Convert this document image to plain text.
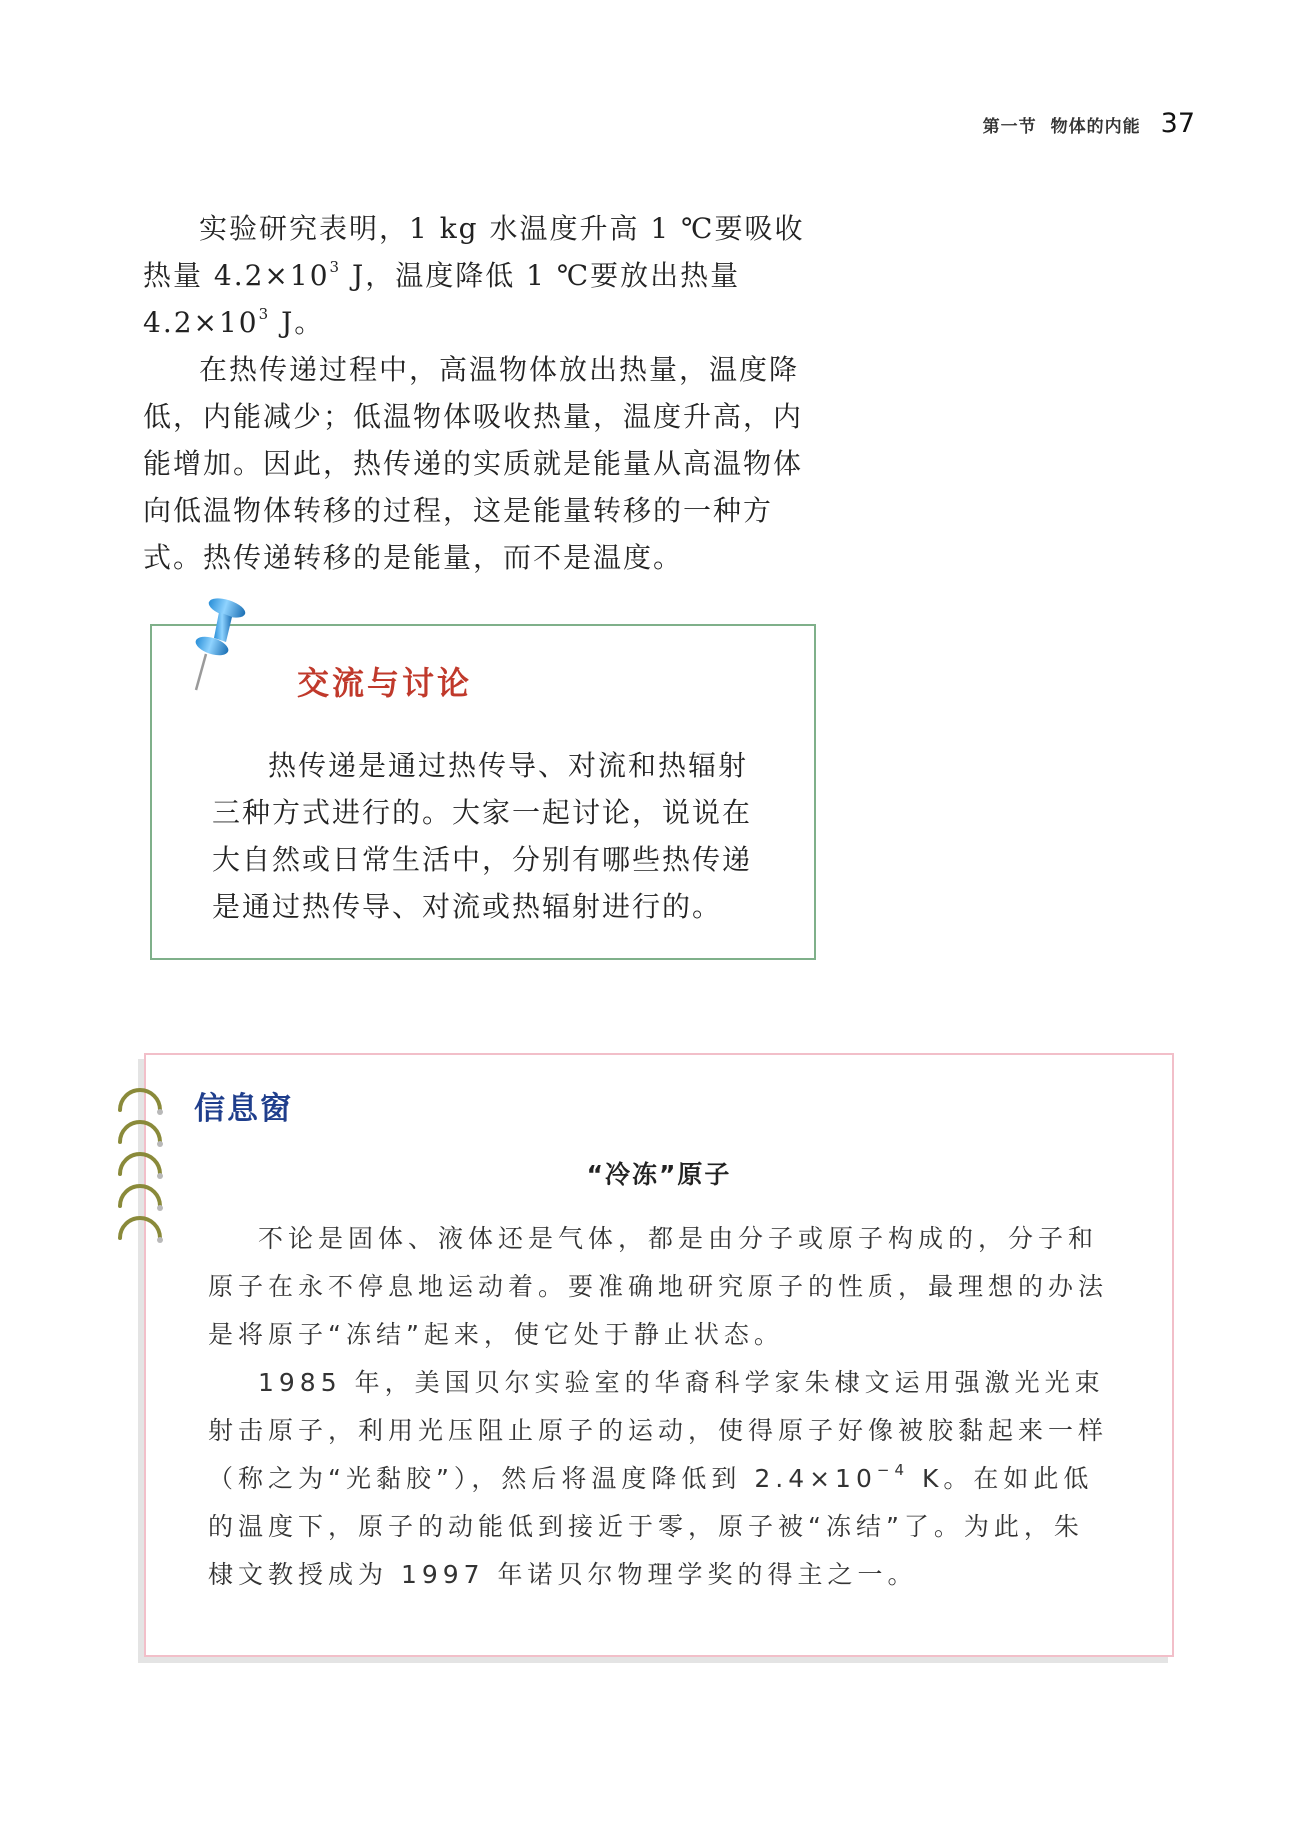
第一节 物体的内能 37

实验研究表明，1 kg 水温度升高 1 ℃要吸收热量 $4.2\times 10^3$ J，温度降低 1 ℃要放出热量 $4.2\times 10^3$ J。

在热传递过程中，高温物体放出热量，温度降低，内能减少；低温物体吸收热量，温度升高，内能增加。因此，热传递的实质就是能量从高温物体向低温物体转移的过程，这是能量转移的一种方式。热传递转移的是能量，而不是温度。

交流与讨论

热传递是通过热传导、对流和热辐射三种方式进行的。大家一起讨论，说说在大自然或日常生活中，分别有哪些热传递是通过热传导、对流或热辐射进行的。

信息窗
“冷冻”原子

不论是固体、液体还是气体，都是由分子或原子构成的，分子和原子在永不停息地运动着。要准确地研究原子的性质，最理想的办法是将原子“冻结”起来，使它处于静止状态。

1985 年，美国贝尔实验室的华裔科学家朱棣文运用强激光光束射击原子，利用光压阻止原子的运动，使得原子好像被胶黏起来一样（称之为“光黏胶”），然后将温度降低到 $2.4\times 10^{-4}$ K。在如此低的温度下，原子的动能低到接近于零，原子被“冻结”了。为此，朱棣文教授成为 1997 年诺贝尔物理学奖的得主之一。
